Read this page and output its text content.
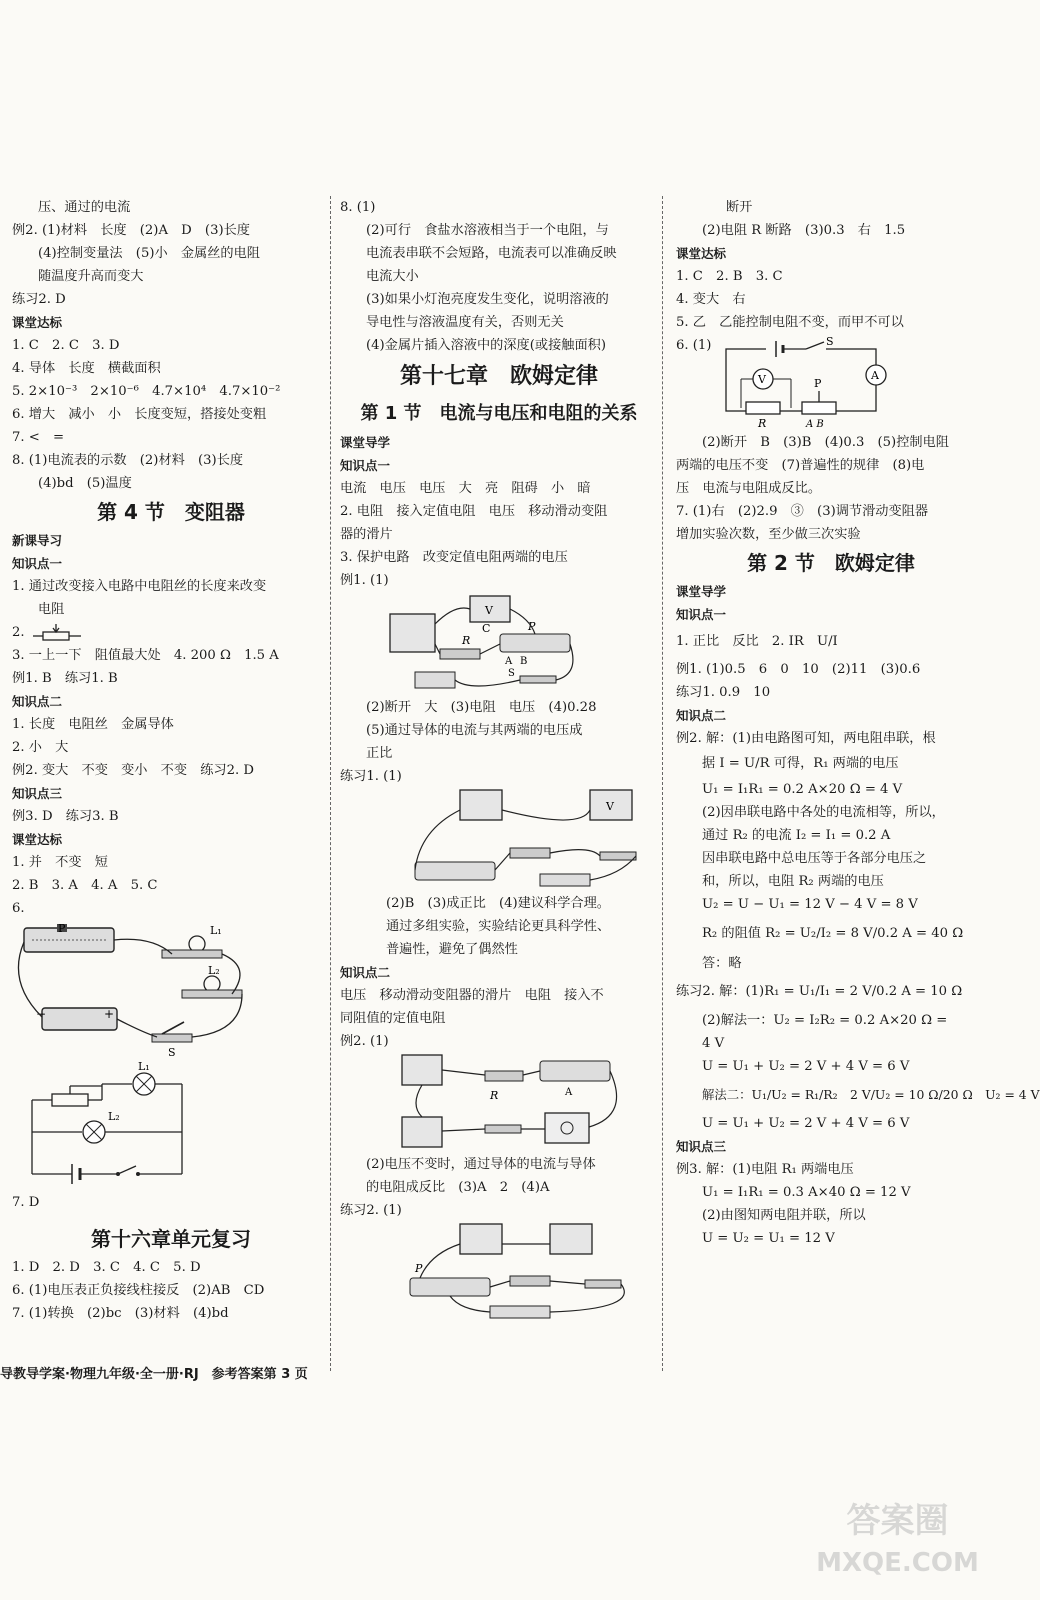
压、通过的电流
例2. (1)材料　长度　(2)A　D　(3)长度
(4)控制变量法　(5)小　金属丝的电阻
随温度升高而变大
练习2. D
课堂达标
1. C　2. C　3. D
4. 导体　长度　横截面积
5. 2×10⁻³　2×10⁻⁶　4.7×10⁴　4.7×10⁻²
6. 增大　减小　小　长度变短，搭接处变粗
7. <　=
8. (1)电流表的示数　(2)材料　(3)长度
(4)bd　(5)温度
第 4 节　变阻器
新课导习
知识点一
1. 通过改变接入电路中电阻丝的长度来改变
电阻
2.
3. 一上一下　阻值最大处　4. 200 Ω　1.5 A
例1. B　练习1. B
知识点二
1. 长度　电阻丝　金属导体
2. 小　大
例2. 变大　不变　变小　不变　练习2. D
知识点三
例3. D　练习3. B
课堂达标
1. 并　不变　短
2. B　3. A　4. A　5. C
6.
P	L₁
L₂
−	+
S
L₁
L₂
7. D
第十六章单元复习
1. D　2. D　3. C　4. C　5. D
6. (1)电压表正负接线柱接反　(2)AB　CD
7. (1)转换　(2)bc　(3)材料　(4)bd
8. (1)
(2)可行　食盐水溶液相当于一个电阻，与
电流表串联不会短路，电流表可以准确反映
电流大小
(3)如果小灯泡亮度发生变化，说明溶液的
导电性与溶液温度有关，否则无关
(4)金属片插入溶液中的深度(或接触面积)
第十七章　欧姆定律
第 1 节　电流与电压和电阻的关系
课堂导学
知识点一
电流　电压　电压　大　亮　阻碍　小　暗
2. 电阻　接入定值电阻　电压　移动滑动变阻
器的滑片
3. 保护电路　改变定值电阻两端的电压
例1. (1)
V
R
P
C
A B
S
(2)断开　大　(3)电阻　电压　(4)0.28
(5)通过导体的电流与其两端的电压成
正比
练习1. (1)
V
(2)B　(3)成正比　(4)建议科学合理。
通过多组实验，实验结论更具科学性、
普遍性，避免了偶然性
知识点二
电压　移动滑动变阻器的滑片　电阻　接入不
同阻值的定值电阻
例2. (1)
R	A
(2)电压不变时，通过导体的电流与导体
的电阻成反比　(3)A　2　(4)A
练习2. (1)
P
断开
(2)电阻 R 断路　(3)0.3　右　1.5
课堂达标
1. C　2. B　3. C
4. 变大　右
5. 乙　乙能控制电阻不变，而甲不可以
6. (1)	S
A
R
P
A B
V
(2)断开　B　(3)B　(4)0.3　(5)控制电阻
两端的电压不变　(7)普遍性的规律　(8)电
压　电流与电阻成反比。
7. (1)右　(2)2.9　③　(3)调节滑动变阻器
增加实验次数，至少做三次实验
第 2 节　欧姆定律
课堂导学
知识点一
1. 正比　反比　2. IR　U/I
例1. (1)0.5　6　0　10　(2)11　(3)0.6
练习1. 0.9　10
知识点二
例2. 解：(1)由电路图可知，两电阻串联，根
据 I = U/R 可得，R₁ 两端的电压
U₁ = I₁R₁ = 0.2 A×20 Ω = 4 V
(2)因串联电路中各处的电流相等，所以，
通过 R₂ 的电流 I₂ = I₁ = 0.2 A
因串联电路中总电压等于各部分电压之
和，所以，电阻 R₂ 两端的电压
U₂ = U − U₁ = 12 V − 4 V = 8 V
R₂ 的阻值 R₂ = U₂/I₂ = 8 V/0.2 A = 40 Ω
答：略
练习2. 解：(1)R₁ = U₁/I₁ = 2 V/0.2 A = 10 Ω
(2)解法一：U₂ = I₂R₂ = 0.2 A×20 Ω =
4 V
U = U₁ + U₂ = 2 V + 4 V = 6 V
解法二：U₁/U₂ = R₁/R₂　2 V/U₂ = 10 Ω/20 Ω　U₂ = 4 V
U = U₁ + U₂ = 2 V + 4 V = 6 V
知识点三
例3. 解：(1)电阻 R₁ 两端电压
U₁ = I₁R₁ = 0.3 A×40 Ω = 12 V
(2)由图知两电阻并联，所以
U = U₂ = U₁ = 12 V
导教导学案·物理九年级·全一册·RJ　参考答案第 3 页
答案圈
MXQE.COM
